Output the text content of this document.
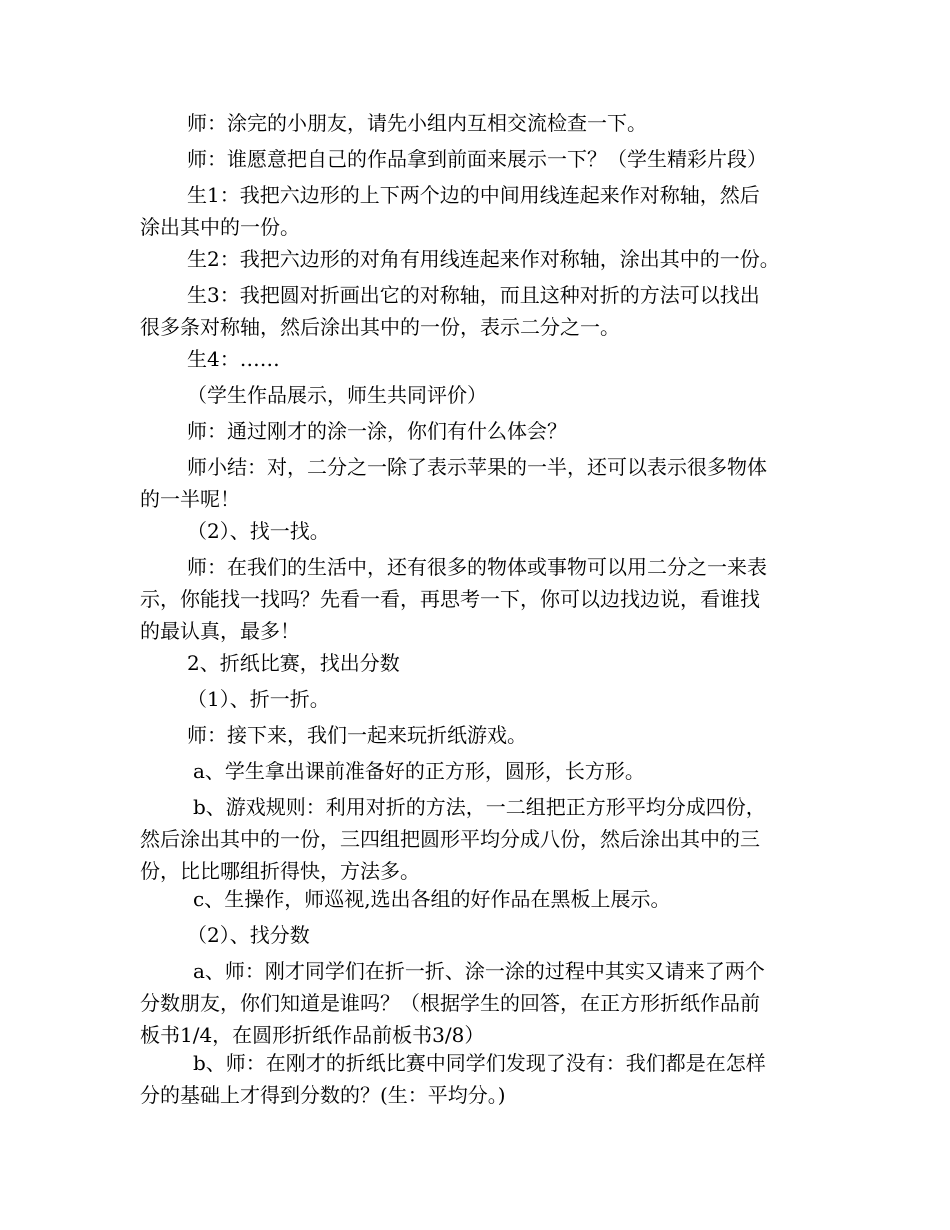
师：涂完的小朋友，请先小组内互相交流检查一下。
师：谁愿意把自己的作品拿到前面来展示一下？（学生精彩片段）
生1：我把六边形的上下两个边的中间用线连起来作对称轴，然后
涂出其中的一份。
生2：我把六边形的对角有用线连起来作对称轴，涂出其中的一份。
生3：我把圆对折画出它的对称轴，而且这种对折的方法可以找出
很多条对称轴，然后涂出其中的一份，表示二分之一。
生4：……
（学生作品展示，师生共同评价）
师：通过刚才的涂一涂，你们有什么体会？
师小结：对，二分之一除了表示苹果的一半，还可以表示很多物体
的一半呢！
（2）、找一找。
师：在我们的生活中，还有很多的物体或事物可以用二分之一来表
示，你能找一找吗？先看一看，再思考一下，你可以边找边说，看谁找
的最认真，最多！
2、折纸比赛，找出分数
（1）、折一折。
师：接下来，我们一起来玩折纸游戏。
a、学生拿出课前准备好的正方形，圆形，长方形。
b、游戏规则：利用对折的方法，一二组把正方形平均分成四份，
然后涂出其中的一份，三四组把圆形平均分成八份，然后涂出其中的三
份，比比哪组折得快，方法多。
c、生操作，师巡视,选出各组的好作品在黑板上展示。
（2）、找分数
a、师：刚才同学们在折一折、涂一涂的过程中其实又请来了两个
分数朋友，你们知道是谁吗？（根据学生的回答，在正方形折纸作品前
板书1/4，在圆形折纸作品前板书3/8）
b、师：在刚才的折纸比赛中同学们发现了没有：我们都是在怎样
分的基础上才得到分数的？(生：平均分。)
